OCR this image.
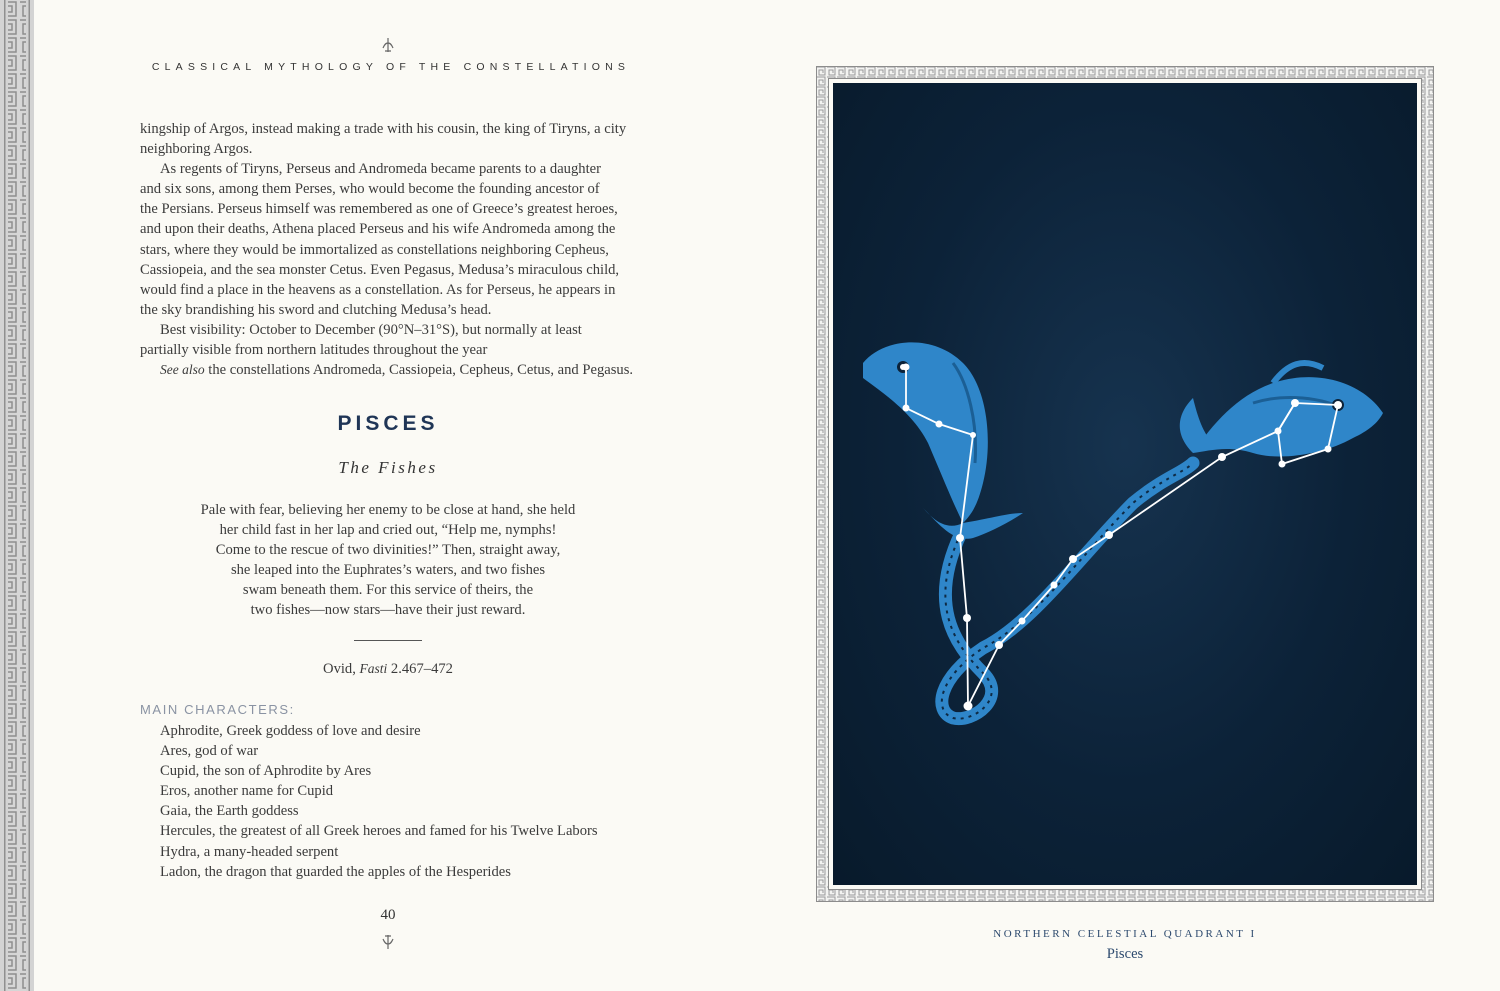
CLASSICAL MYTHOLOGY OF THE CONSTELLATIONS

kingship of Argos, instead making a trade with his cousin, the king of Tiryns, a city
neighboring Argos.

As regents of Tiryns, Perseus and Andromeda became parents to a daughter
and six sons, among them Perses, who would become the founding ancestor of
the Persians. Perseus himself was remembered as one of Greece’s greatest heroes,
and upon their deaths, Athena placed Perseus and his wife Andromeda among the
stars, where they would be immortalized as constellations neighboring Cepheus,
Cassiopeia, and the sea monster Cetus. Even Pegasus, Medusa’s miraculous child,
would find a place in the heavens as a constellation. As for Perseus, he appears in
the sky brandishing his sword and clutching Medusa’s head.

Best visibility: October to December (90°N–31°S), but normally at least
partially visible from northern latitudes throughout the year

See also the constellations Andromeda, Cassiopeia, Cepheus, Cetus, and Pegasus.

PISCES
The Fishes
Pale with fear, believing her enemy to be close at hand, she held
her child fast in her lap and cried out, “Help me, nymphs!
Come to the rescue of two divinities!” Then, straight away,
she leaped into the Euphrates’s waters, and two fishes
swam beneath them. For this service of theirs, the
two fishes—now stars—have their just reward.
Ovid, Fasti 2.467–472
MAIN CHARACTERS:
Aphrodite, Greek goddess of love and desire
Ares, god of war
Cupid, the son of Aphrodite by Ares
Eros, another name for Cupid
Gaia, the Earth goddess
Hercules, the greatest of all Greek heroes and famed for his Twelve Labors
Hydra, a many-headed serpent
Ladon, the dragon that guarded the apples of the Hesperides
40
NORTHERN CELESTIAL QUADRANT I
Pisces
